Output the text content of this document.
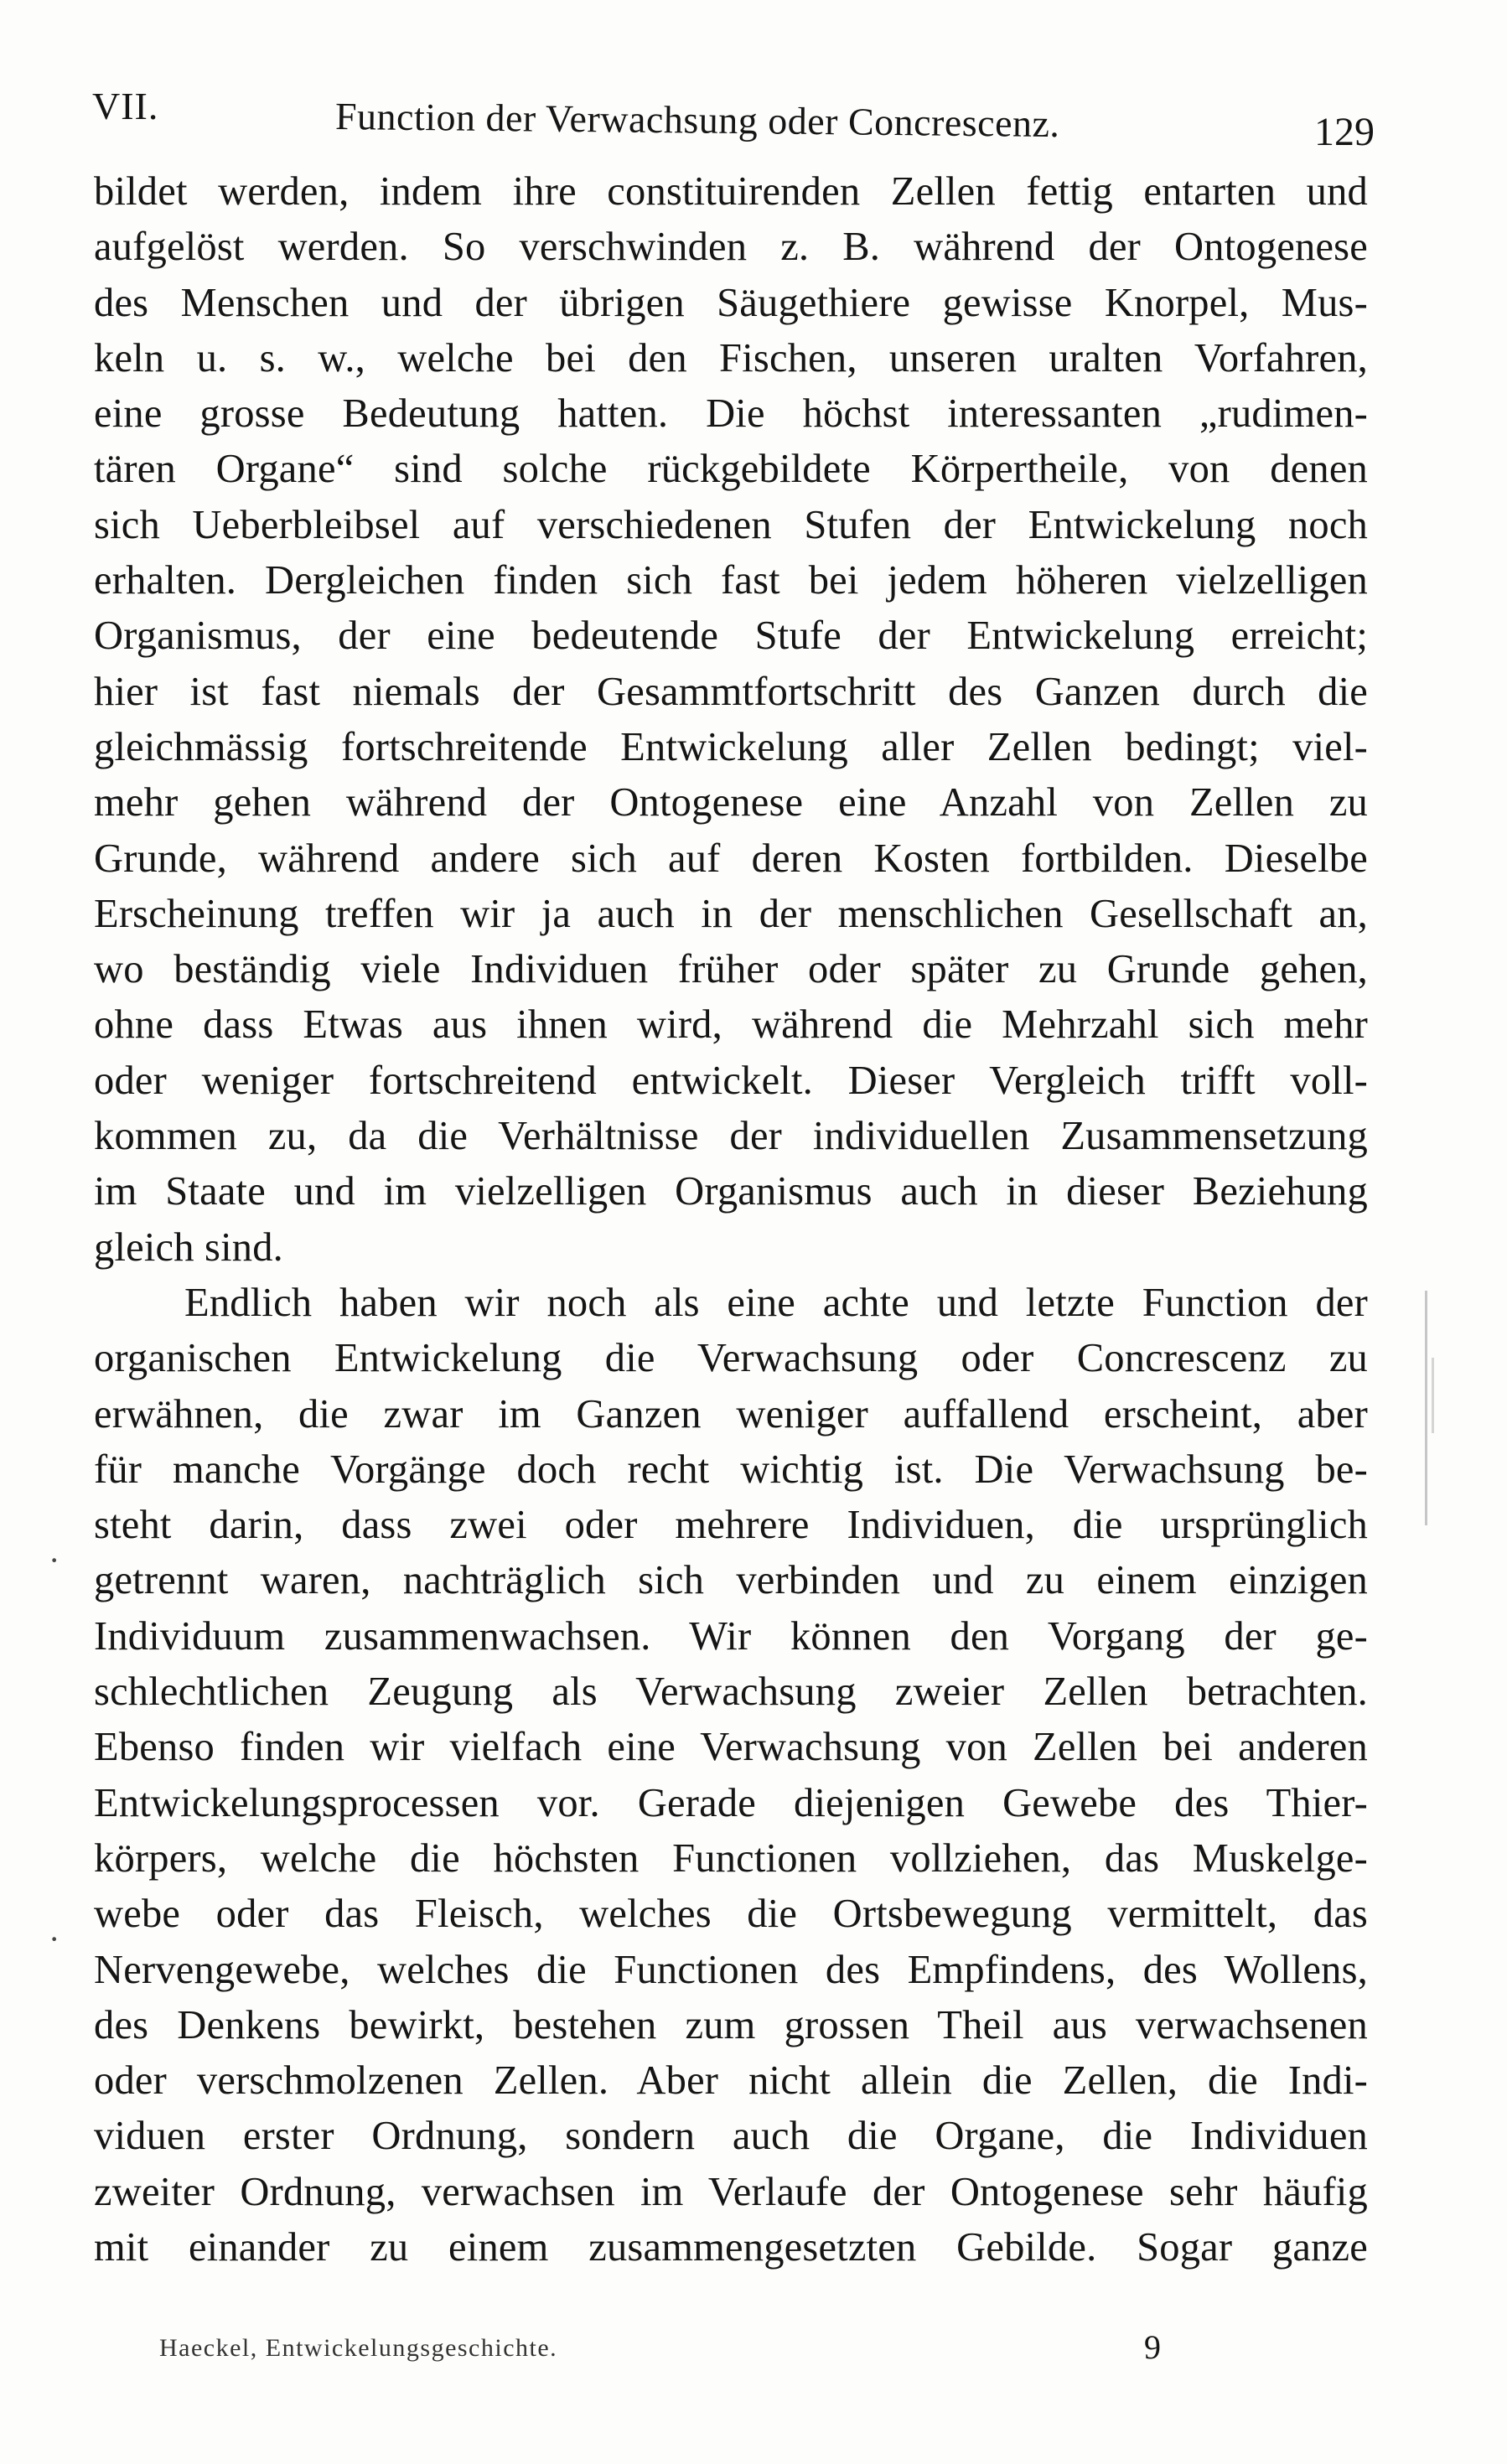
VII.	Function der Verwachsung oder Concrescenz.	129
bildet werden, indem ihre constituirenden Zellen fettig entarten und
aufgelöst werden. So verschwinden z. B. während der Ontogenese
des Menschen und der übrigen Säugethiere gewisse Knorpel, Mus-
keln u. s. w., welche bei den Fischen, unseren uralten Vorfahren,
eine grosse Bedeutung hatten. Die höchst interessanten „rudimen-
tären Organe“ sind solche rückgebildete Körpertheile, von denen
sich Ueberbleibsel auf verschiedenen Stufen der Entwickelung noch
erhalten. Dergleichen finden sich fast bei jedem höheren vielzelligen
Organismus, der eine bedeutende Stufe der Entwickelung erreicht;
hier ist fast niemals der Gesammtfortschritt des Ganzen durch die
gleichmässig fortschreitende Entwickelung aller Zellen bedingt; viel-
mehr gehen während der Ontogenese eine Anzahl von Zellen zu
Grunde, während andere sich auf deren Kosten fortbilden. Dieselbe
Erscheinung treffen wir ja auch in der menschlichen Gesellschaft an,
wo beständig viele Individuen früher oder später zu Grunde gehen,
ohne dass Etwas aus ihnen wird, während die Mehrzahl sich mehr
oder weniger fortschreitend entwickelt. Dieser Vergleich trifft voll-
kommen zu, da die Verhältnisse der individuellen Zusammensetzung
im Staate und im vielzelligen Organismus auch in dieser Beziehung
gleich sind.
Endlich haben wir noch als eine achte und letzte Function der
organischen Entwickelung die Verwachsung oder Concrescenz zu
erwähnen, die zwar im Ganzen weniger auffallend erscheint, aber
für manche Vorgänge doch recht wichtig ist. Die Verwachsung be-
steht darin, dass zwei oder mehrere Individuen, die ursprünglich
getrennt waren, nachträglich sich verbinden und zu einem einzigen
Individuum zusammenwachsen. Wir können den Vorgang der ge-
schlechtlichen Zeugung als Verwachsung zweier Zellen betrachten.
Ebenso finden wir vielfach eine Verwachsung von Zellen bei anderen
Entwickelungsprocessen vor. Gerade diejenigen Gewebe des Thier-
körpers, welche die höchsten Functionen vollziehen, das Muskelge-
webe oder das Fleisch, welches die Ortsbewegung vermittelt, das
Nervengewebe, welches die Functionen des Empfindens, des Wollens,
des Denkens bewirkt, bestehen zum grossen Theil aus verwachsenen
oder verschmolzenen Zellen. Aber nicht allein die Zellen, die Indi-
viduen erster Ordnung, sondern auch die Organe, die Individuen
zweiter Ordnung, verwachsen im Verlaufe der Ontogenese sehr häufig
mit einander zu einem zusammengesetzten Gebilde. Sogar ganze
Haeckel, Entwickelungsgeschichte.	9
·
·
